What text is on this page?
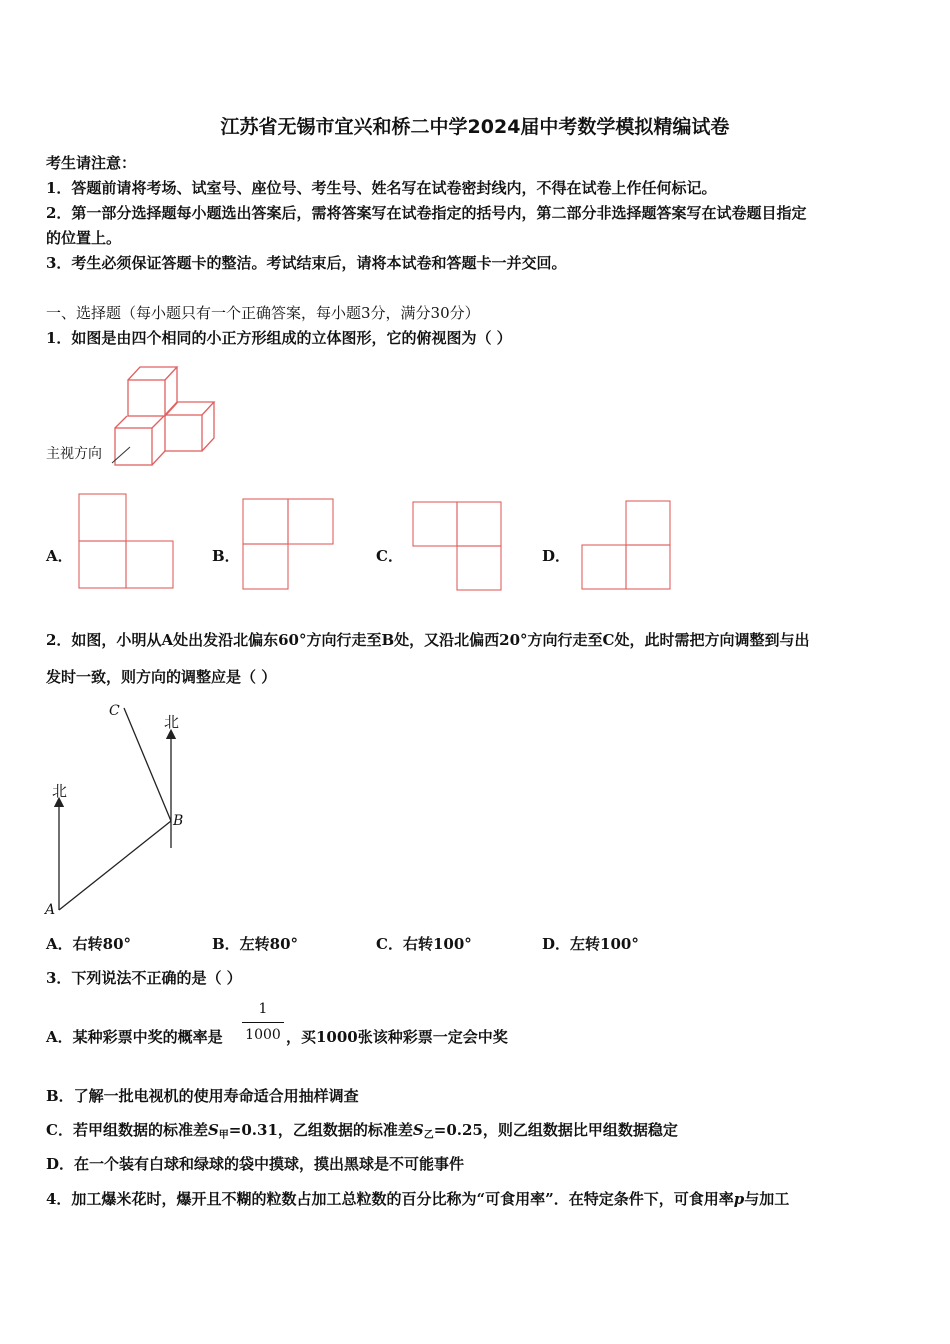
江苏省无锡市宜兴和桥二中学2024届中考数学模拟精编试卷
考生请注意：
1．答题前请将考场、试室号、座位号、考生号、姓名写在试卷密封线内，不得在试卷上作任何标记。
2．第一部分选择题每小题选出答案后，需将答案写在试卷指定的括号内，第二部分非选择题答案写在试卷题目指定
的位置上。
3．考生必须保证答题卡的整洁。考试结束后，请将本试卷和答题卡一并交回。
一、选择题（每小题只有一个正确答案，每小题3分，满分30分）
1．如图是由四个相同的小正方形组成的立体图形，它的俯视图为（ ）
主视方向
A．	B．	C．	D．
2．如图，小明从A处出发沿北偏东60°方向行走至B处，又沿北偏西20°方向行走至C处，此时需把方向调整到与出
发时一致，则方向的调整应是（ ）
北
北
A
B
C
A．右转80°	B．左转80°	C．右转100°	D．左转100°
3．下列说法不正确的是（ ）
A．某种彩票中奖的概率是
1
1000 ，买1000张该种彩票一定会中奖
B．了解一批电视机的使用寿命适合用抽样调查
C．若甲组数据的标准差$S_甲=0.31$，乙组数据的标准差$S_乙=0.25$，则乙组数据比甲组数据稳定
D．在一个装有白球和绿球的袋中摸球，摸出黑球是不可能事件
4．加工爆米花时，爆开且不糊的粒数占加工总粒数的百分比称为“可食用率”．在特定条件下，可食用率p与加工
